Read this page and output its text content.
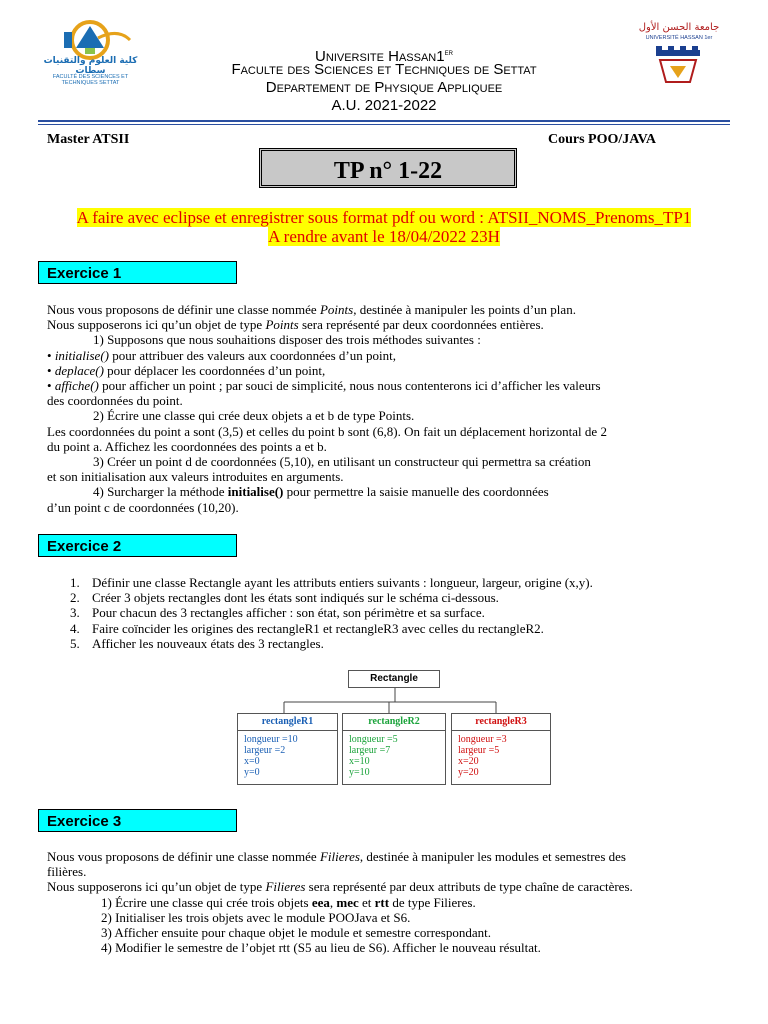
كلية العلوم والتقنيات سطات
FACULTÉ DES SCIENCES ET TECHNIQUES SETTAT
جامعة الحسن الأول
UNIVERSITÉ HASSAN 1er
Universite Hassan1er
Faculte des Sciences et Techniques de Settat
Departement de Physique Appliquee
A.U. 2021-2022
Master ATSII	Cours POO/JAVA
TP n° 1-22
A faire avec eclipse et enregistrer sous format pdf ou word : ATSII_NOMS_Prenoms_TP1
A rendre avant le 18/04/2022 23H
Exercice 1

Nous vous proposons de définir une classe nommée Points, destinée à manipuler les points d’un plan.

Nous supposerons ici qu’un objet de type Points sera représenté par deux coordonnées entières.

1) Supposons que nous souhaitions disposer des trois méthodes suivantes :

• initialise() pour attribuer des valeurs aux coordonnées d’un point,

• deplace() pour déplacer les coordonnées d’un point,

• affiche() pour afficher un point ; par souci de simplicité, nous nous contenterons ici d’afficher les valeurs

des coordonnées du point.

2) Écrire une classe qui crée deux objets a et b de type Points.

Les coordonnées du point a sont (3,5) et celles du point b sont (6,8). On fait un déplacement horizontal de 2

du point a. Affichez les coordonnées des points a et b.

3) Créer un point d de coordonnées (5,10), en utilisant un constructeur qui permettra sa création

et son initialisation aux valeurs introduites en arguments.

4) Surcharger la méthode initialise() pour permettre la saisie manuelle des coordonnées

d’un point c de coordonnées (10,20).

Exercice 2
1. Définir une classe Rectangle ayant les attributs entiers suivants : longueur, largeur, origine (x,y).
2. Créer 3 objets rectangles dont les états sont indiqués sur le schéma ci-dessous.
3. Pour chacun des 3 rectangles afficher : son état, son périmètre et sa surface.
4. Faire coïncider les origines des rectangleR1 et rectangleR3 avec celles du rectangleR2.
5. Afficher les nouveaux états des 3 rectangles.
Rectangle
rectangleR1
longueur =10
largeur =2
x=0
y=0
rectangleR2
longueur =5
largeur =7
x=10
y=10
rectangleR3
longueur =3
largeur =5
x=20
y=20
Exercice 3

Nous vous proposons de définir une classe nommée Filieres, destinée à manipuler les modules et semestres des

filières.

Nous supposerons ici qu’un objet de type Filieres sera représenté par deux attributs de type chaîne de caractères.

1) Écrire une classe qui crée trois objets eea, mec et rtt de type Filieres.

2) Initialiser les trois objets avec le module POOJava et S6.

3) Afficher ensuite pour chaque objet le module et semestre correspondant.

4) Modifier le semestre de l’objet rtt (S5 au lieu de S6). Afficher le nouveau résultat.
